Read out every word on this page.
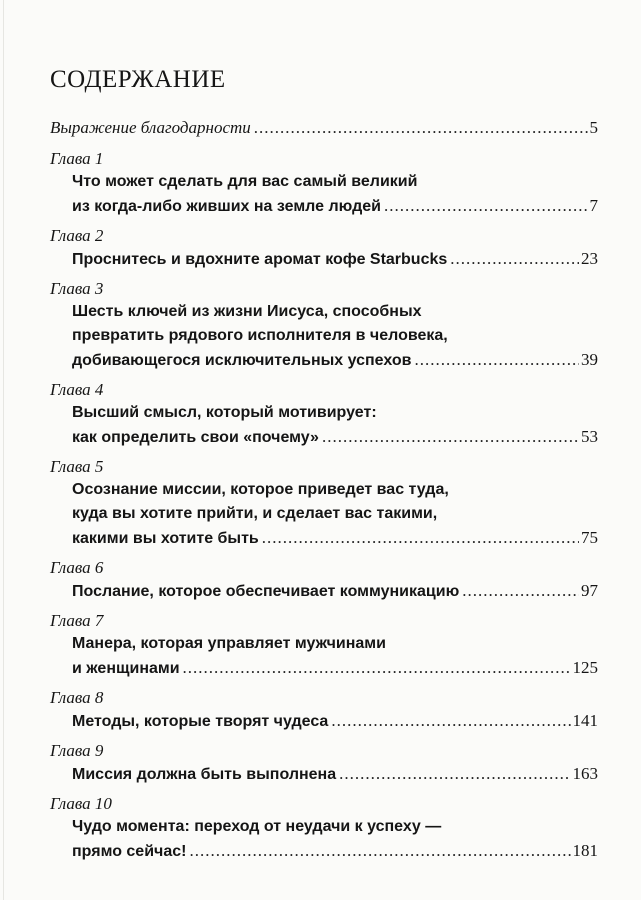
СОДЕРЖАНИЕ
Выражение благодарности .....	5
Глава 1
Что может сделать для вас самый великий
из когда-либо живших на земле людей .....	7
Глава 2
Проснитесь и вдохните аромат кофе Starbucks .....	23
Глава 3
Шесть ключей из жизни Иисуса, способных
превратить рядового исполнителя в человека,
добивающегося исключительных успехов .....	39
Глава 4
Высший смысл, который мотивирует:
как определить свои «почему» .....	53
Глава 5
Осознание миссии, которое приведет вас туда,
куда вы хотите прийти, и сделает вас такими,
какими вы хотите быть .....	75
Глава 6
Послание, которое обеспечивает коммуникацию .....	97
Глава 7
Манера, которая управляет мужчинами
и женщинами .....	125
Глава 8
Методы, которые творят чудеса .....	141
Глава 9
Миссия должна быть выполнена .....	163
Глава 10
Чудо момента: переход от неудачи к успеху —
прямо сейчас! .....	181
